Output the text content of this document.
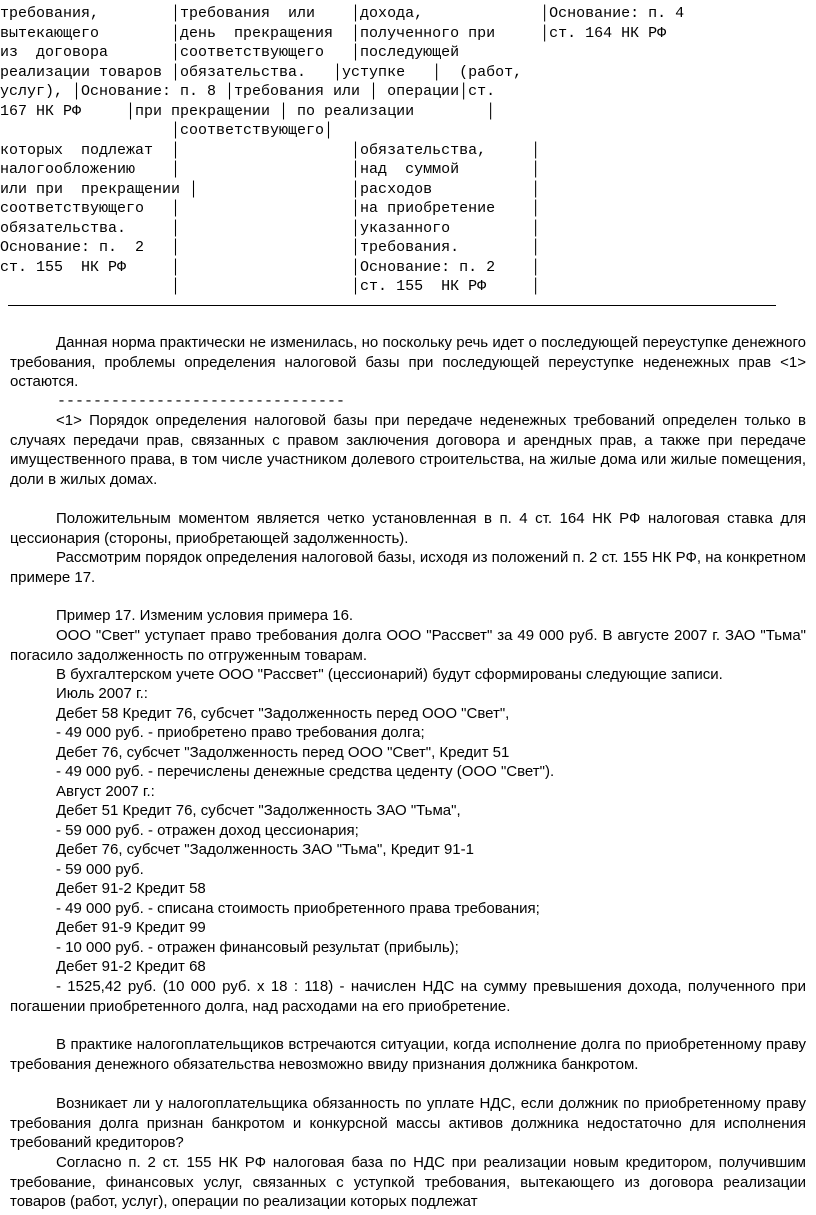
требования,        │требования  или    │дохода,             │Основание: п. 4
вытекающего        │день  прекращения  │полученного при     │ст. 164 НК РФ
из  договора       │соответствующего   │последующей
реализации товаров │обязательства.   │уступке   │  (работ,
услуг), │Основание: п. 8 │требования или │ операции│ст.
167 НК РФ     │при прекращении │ по реализации        │
│соответствующего│
которых  подлежат  │                   │обязательства,     │
налогообложению    │                   │над  суммой        │
или при  прекращении │                 │расходов           │
соответствующего   │                   │на приобретение    │
обязательства.     │                   │указанного         │
Основание: п.  2   │                   │требования.        │
ст. 155  НК РФ     │                   │Основание: п. 2    │
│                   │ст. 155  НК РФ     │

Данная норма практически не изменилась, но поскольку речь идет о последующей переуступке денежного требования, проблемы определения налоговой базы при последующей переуступке неденежных прав <1> остаются.

--------------------------------

<1> Порядок определения налоговой базы при передаче неденежных требований определен только в случаях передачи прав, связанных с правом заключения договора и арендных прав, а также при передаче имущественного права, в том числе участником долевого строительства, на жилые дома или жилые помещения, доли в жилых домах.

Положительным моментом является четко установленная в п. 4 ст. 164 НК РФ налоговая ставка для цессионария (стороны, приобретающей задолженность).

Рассмотрим порядок определения налоговой базы, исходя из положений п. 2 ст. 155 НК РФ, на конкретном примере 17.

Пример 17. Изменим условия примера 16.

ООО "Свет" уступает право требования долга ООО "Рассвет" за 49 000 руб. В августе 2007 г. ЗАО "Тьма" погасило задолженность по отгруженным товарам.

В бухгалтерском учете ООО "Рассвет" (цессионарий) будут сформированы следующие записи.

Июль 2007 г.:

Дебет 58 Кредит 76, субсчет "Задолженность перед ООО "Свет",

- 49 000 руб. - приобретено право требования долга;

Дебет 76, субсчет "Задолженность перед ООО "Свет", Кредит 51

- 49 000 руб. - перечислены денежные средства цеденту (ООО "Свет").

Август 2007 г.:

Дебет 51 Кредит 76, субсчет "Задолженность ЗАО "Тьма",

- 59 000 руб. - отражен доход цессионария;

Дебет 76, субсчет "Задолженность ЗАО "Тьма", Кредит 91-1

- 59 000 руб.

Дебет 91-2 Кредит 58

- 49 000 руб. - списана стоимость приобретенного права требования;

Дебет 91-9 Кредит 99

- 10 000 руб. - отражен финансовый результат (прибыль);

Дебет 91-2 Кредит 68

- 1525,42 руб. (10 000 руб. x 18 : 118) - начислен НДС на сумму превышения дохода, полученного при погашении приобретенного долга, над расходами на его приобретение.

В практике налогоплательщиков встречаются ситуации, когда исполнение долга по приобретенному праву требования денежного обязательства невозможно ввиду признания должника банкротом.

Возникает ли у налогоплательщика обязанность по уплате НДС, если должник по приобретенному праву требования долга признан банкротом и конкурсной массы активов должника недостаточно для исполнения требований кредиторов?

Согласно п. 2 ст. 155 НК РФ налоговая база по НДС при реализации новым кредитором, получившим требование, финансовых услуг, связанных с уступкой требования, вытекающего из договора реализации товаров (работ, услуг), операции по реализации которых подлежат
